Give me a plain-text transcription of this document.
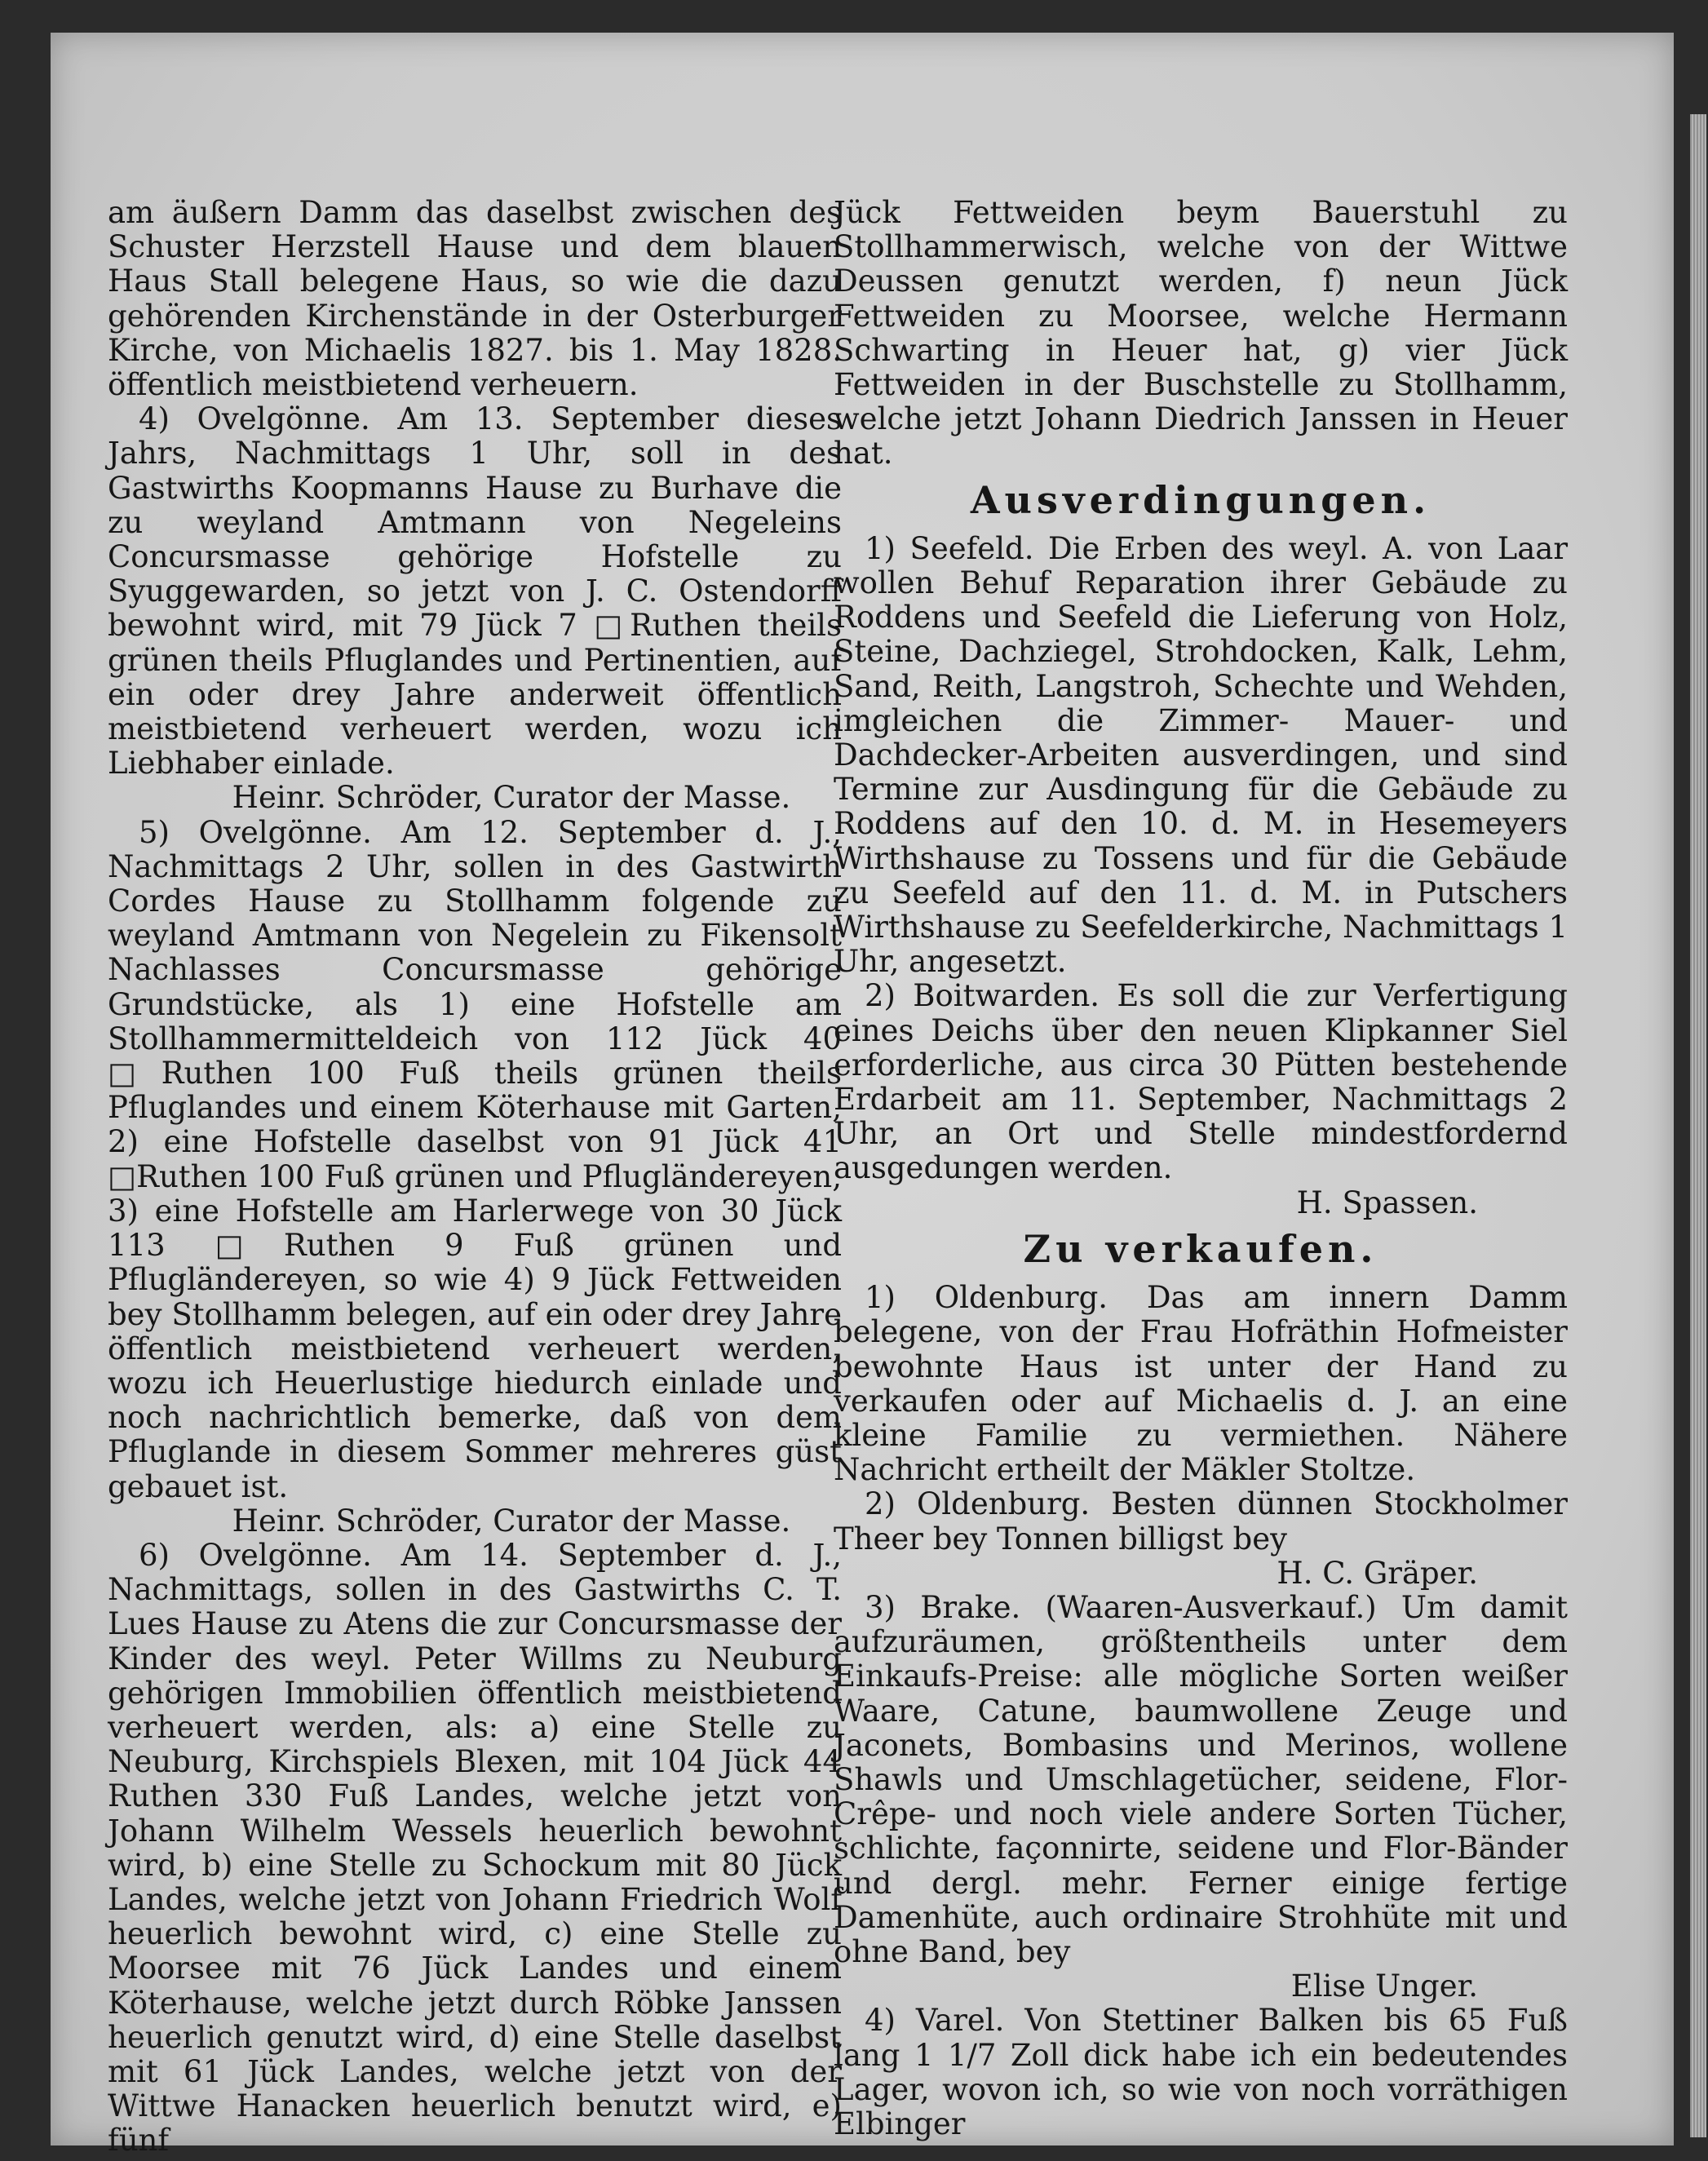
am äußern Damm das daselbst zwischen des Schuster Herzstell Hause und dem blauen Haus Stall belegene Haus, so wie die dazu gehörenden Kirchenstände in der Osterburger Kirche, von Michaelis 1827. bis 1. May 1828. öffentlich meistbietend verheuern.

4) Ovelgönne. Am 13. September dieses Jahrs, Nachmittags 1 Uhr, soll in des Gastwirths Koopmanns Hause zu Burhave die zu weyland Amtmann von Negeleins Concursmasse gehörige Hofstelle zu Syuggewarden, so jetzt von J. C. Ostendorff bewohnt wird, mit 79 Jück 7 □Ruthen theils grünen theils Pfluglandes und Pertinentien, auf ein oder drey Jahre anderweit öffentlich meistbietend verheuert werden, wozu ich Liebhaber einlade.

Heinr. Schröder, Curator der Masse.

5) Ovelgönne. Am 12. September d. J., Nachmittags 2 Uhr, sollen in des Gastwirth Cordes Hause zu Stollhamm folgende zu weyland Amtmann von Negelein zu Fikensolt Nachlasses Concursmasse gehörige Grundstücke, als 1) eine Hofstelle am Stollhammermitteldeich von 112 Jück 40 □Ruthen 100 Fuß theils grünen theils Pfluglandes und einem Köterhause mit Garten, 2) eine Hofstelle daselbst von 91 Jück 41 □Ruthen 100 Fuß grünen und Pflugländereyen, 3) eine Hofstelle am Harlerwege von 30 Jück 113 □Ruthen 9 Fuß grünen und Pflugländereyen, so wie 4) 9 Jück Fettweiden bey Stollhamm belegen, auf ein oder drey Jahre öffentlich meistbietend verheuert werden, wozu ich Heuerlustige hiedurch einlade und noch nachrichtlich bemerke, daß von dem Pfluglande in diesem Sommer mehreres güst gebauet ist.

Heinr. Schröder, Curator der Masse.

6) Ovelgönne. Am 14. September d. J., Nachmittags, sollen in des Gastwirths C. T. Lues Hause zu Atens die zur Concursmasse der Kinder des weyl. Peter Willms zu Neuburg gehörigen Immobilien öffentlich meistbietend verheuert werden, als: a) eine Stelle zu Neuburg, Kirchspiels Blexen, mit 104 Jück 44 Ruthen 330 Fuß Landes, welche jetzt von Johann Wilhelm Wessels heuerlich bewohnt wird, b) eine Stelle zu Schockum mit 80 Jück Landes, welche jetzt von Johann Friedrich Wolf heuerlich bewohnt wird, c) eine Stelle zu Moorsee mit 76 Jück Landes und einem Köterhause, welche jetzt durch Röbke Janssen heuerlich genutzt wird, d) eine Stelle daselbst mit 61 Jück Landes, welche jetzt von der Wittwe Hanacken heuerlich benutzt wird, e) fünf

Jück Fettweiden beym Bauerstuhl zu Stollhammerwisch, welche von der Wittwe Deussen genutzt werden, f) neun Jück Fettweiden zu Moorsee, welche Hermann Schwarting in Heuer hat, g) vier Jück Fettweiden in der Buschstelle zu Stollhamm, welche jetzt Johann Diedrich Janssen in Heuer hat.

Ausverdingungen.

1) Seefeld. Die Erben des weyl. A. von Laar wollen Behuf Reparation ihrer Gebäude zu Roddens und Seefeld die Lieferung von Holz, Steine, Dachziegel, Strohdocken, Kalk, Lehm, Sand, Reith, Langstroh, Schechte und Wehden, imgleichen die Zimmer- Mauer- und Dachdecker-Arbeiten ausverdingen, und sind Termine zur Ausdingung für die Gebäude zu Roddens auf den 10. d. M. in Hesemeyers Wirthshause zu Tossens und für die Gebäude zu Seefeld auf den 11. d. M. in Putschers Wirthshause zu Seefelderkirche, Nachmittags 1 Uhr, angesetzt.

2) Boitwarden. Es soll die zur Verfertigung eines Deichs über den neuen Klipkanner Siel erforderliche, aus circa 30 Pütten bestehende Erdarbeit am 11. September, Nachmittags 2 Uhr, an Ort und Stelle mindestfordernd ausgedungen werden.

H. Spassen.

Zu verkaufen.

1) Oldenburg. Das am innern Damm belegene, von der Frau Hofräthin Hofmeister bewohnte Haus ist unter der Hand zu verkaufen oder auf Michaelis d. J. an eine kleine Familie zu vermiethen. Nähere Nachricht ertheilt der Mäkler Stoltze.

2) Oldenburg. Besten dünnen Stockholmer Theer bey Tonnen billigst bey

H. C. Gräper.

3) Brake. (Waaren-Ausverkauf.) Um damit aufzuräumen, größtentheils unter dem Einkaufs-Preise: alle mögliche Sorten weißer Waare, Catune, baumwollene Zeuge und Jaconets, Bombasins und Merinos, wollene Shawls und Umschlagetücher, seidene, Flor- Crêpe- und noch viele andere Sorten Tücher, schlichte, façonnirte, seidene und Flor-Bänder und dergl. mehr. Ferner einige fertige Damenhüte, auch ordinaire Strohhüte mit und ohne Band, bey

Elise Unger.

4) Varel. Von Stettiner Balken bis 65 Fuß lang 1 1/7 Zoll dick habe ich ein bedeutendes Lager, wovon ich, so wie von noch vorräthigen Elbinger
